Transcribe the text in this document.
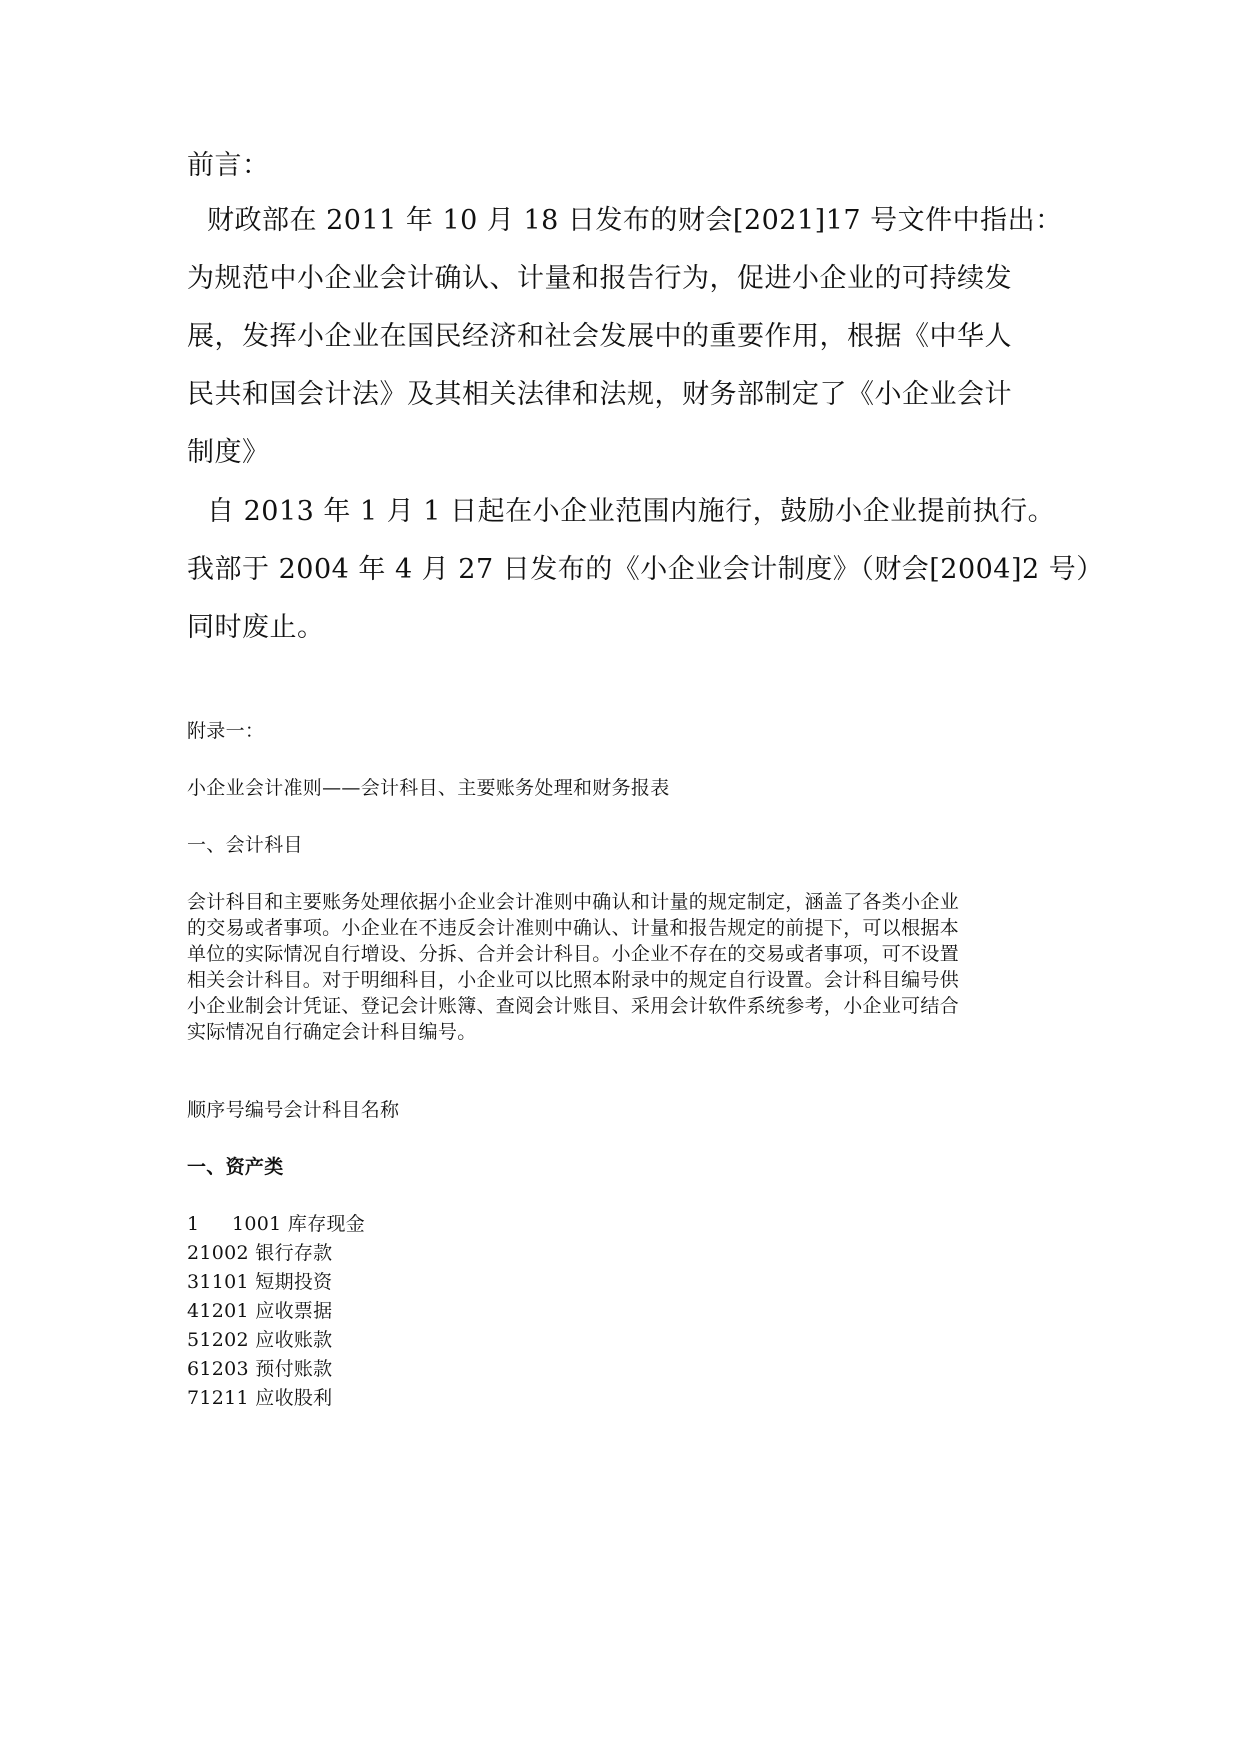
前言：
财政部在 2011 年 10 月 18 日发布的财会[2021]17 号文件中指出：
为规范中小企业会计确认、计量和报告行为，促进小企业的可持续发
展，发挥小企业在国民经济和社会发展中的重要作用，根据《中华人
民共和国会计法》及其相关法律和法规，财务部制定了《小企业会计
制度》
自 2013 年 1 月 1 日起在小企业范围内施行，鼓励小企业提前执行。
我部于 2004 年 4 月 27 日发布的《小企业会计制度》（财会[2004]2 号）
同时废止。
附录一：
小企业会计准则——会计科目、主要账务处理和财务报表
一、会计科目
会计科目和主要账务处理依据小企业会计准则中确认和计量的规定制定，涵盖了各类小企业
的交易或者事项。小企业在不违反会计准则中确认、计量和报告规定的前提下，可以根据本
单位的实际情况自行增设、分拆、合并会计科目。小企业不存在的交易或者事项，可不设置
相关会计科目。对于明细科目，小企业可以比照本附录中的规定自行设置。会计科目编号供
小企业制会计凭证、登记会计账簿、查阅会计账目、采用会计软件系统参考，小企业可结合
实际情况自行确定会计科目编号。
顺序号编号会计科目名称
一、资产类
1 1001 库存现金
21002 银行存款
31101 短期投资
41201 应收票据
51202 应收账款
61203 预付账款
71211 应收股利
